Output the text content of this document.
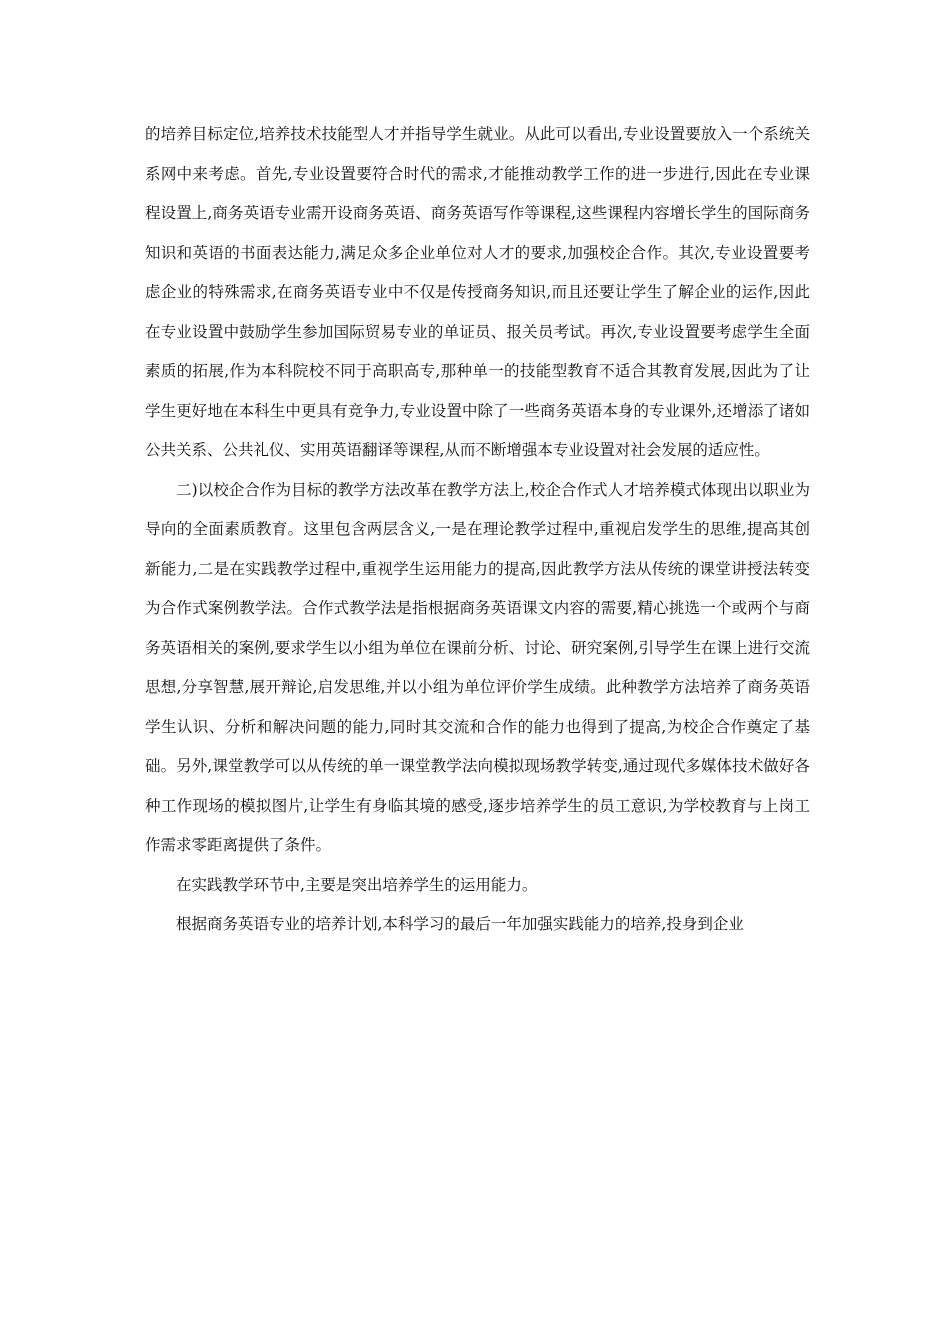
的培养目标定位,培养技术技能型人才并指导学生就业。从此可以看出,专业设置要放入一个系统关系网中来考虑。首先,专业设置要符合时代的需求,才能推动教学工作的进一步进行,因此在专业课程设置上,商务英语专业需开设商务英语、商务英语写作等课程,这些课程内容增长学生的国际商务知识和英语的书面表达能力,满足众多企业单位对人才的要求,加强校企合作。其次,专业设置要考虑企业的特殊需求,在商务英语专业中不仅是传授商务知识,而且还要让学生了解企业的运作,因此在专业设置中鼓励学生参加国际贸易专业的单证员、报关员考试。再次,专业设置要考虑学生全面素质的拓展,作为本科院校不同于高职高专,那种单一的技能型教育不适合其教育发展,因此为了让学生更好地在本科生中更具有竞争力,专业设置中除了一些商务英语本身的专业课外,还增添了诸如公共关系、公共礼仪、实用英语翻译等课程,从而不断增强本专业设置对社会发展的适应性。

二)以校企合作为目标的教学方法改革在教学方法上,校企合作式人才培养模式体现出以职业为导向的全面素质教育。这里包含两层含义,一是在理论教学过程中,重视启发学生的思维,提高其创新能力,二是在实践教学过程中,重视学生运用能力的提高,因此教学方法从传统的课堂讲授法转变为合作式案例教学法。合作式教学法是指根据商务英语课文内容的需要,精心挑选一个或两个与商务英语相关的案例,要求学生以小组为单位在课前分析、讨论、研究案例,引导学生在课上进行交流思想,分享智慧,展开辩论,启发思维,并以小组为单位评价学生成绩。此种教学方法培养了商务英语学生认识、分析和解决问题的能力,同时其交流和合作的能力也得到了提高,为校企合作奠定了基础。另外,课堂教学可以从传统的单一课堂教学法向模拟现场教学转变,通过现代多媒体技术做好各种工作现场的模拟图片,让学生有身临其境的感受,逐步培养学生的员工意识,为学校教育与上岗工作需求零距离提供了条件。

在实践教学环节中,主要是突出培养学生的运用能力。

根据商务英语专业的培养计划,本科学习的最后一年加强实践能力的培养,投身到企业
